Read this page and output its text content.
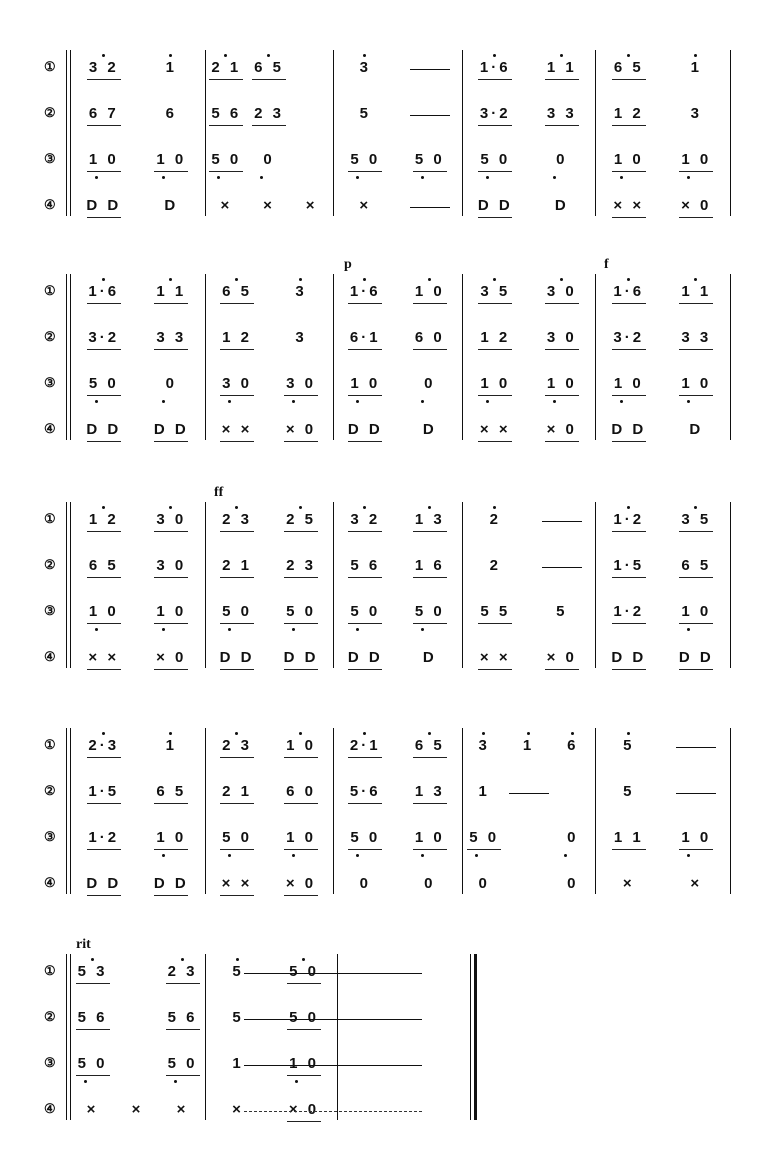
①
②
③
④
3 2
6 7
1 0
D D
1
6
1 0
D
2 1
5 6
5 0
×
6 5
2 3
0
× ×
3
5
5 0
×
5 0
1·6
3·2
5 0
D D
1 1
3 3
0
D
6 5
1 2
1 0
× ×
1
3
1 0
× 0
①
②
③
④
1·6
3·2
5 0
D D
1 1
3 3
0
D D
6 5
1 2
3 0
× ×
3
3
3 0
× 0
1·6
6·1
1 0
D D
1 0
6 0
0
D
3 5
1 2
1 0
× ×
3 0
3 0
1 0
× 0
1·6
3·2
1 0
D D
1 1
3 3
1 0
D
①
②
③
④
ff
1 2
6 5
1 0
× ×
3 0
3 0
1 0
× 0
2 3
2 1
5 0
D D
2 5
2 3
5 0
D D
3 2
5 6
5 0
D D
1 3
1 6
5 0
D
2
2
5 5
× ×
5
× 0
1·2
1·5
1·2
D D
3 5
6 5
1 0
D D
①
②
③
④
2·3
1·5
1·2
D D
1
6 5
1 0
D D
2 3
2 1
5 0
× ×
1 0
6 0
1 0
× 0
2·1
5·6
5 0
0
6 5
1 3
1 0
0
3
1
5 0
0
1 6
0
0
5
5
1 1
×
1 0
×
①
②
③
④
rit
5 3
5 6
5 0
× ×
2 3
5 6
5 0
×
5
5
1
×
5 0
5 0
1 0
× 0
p	f
